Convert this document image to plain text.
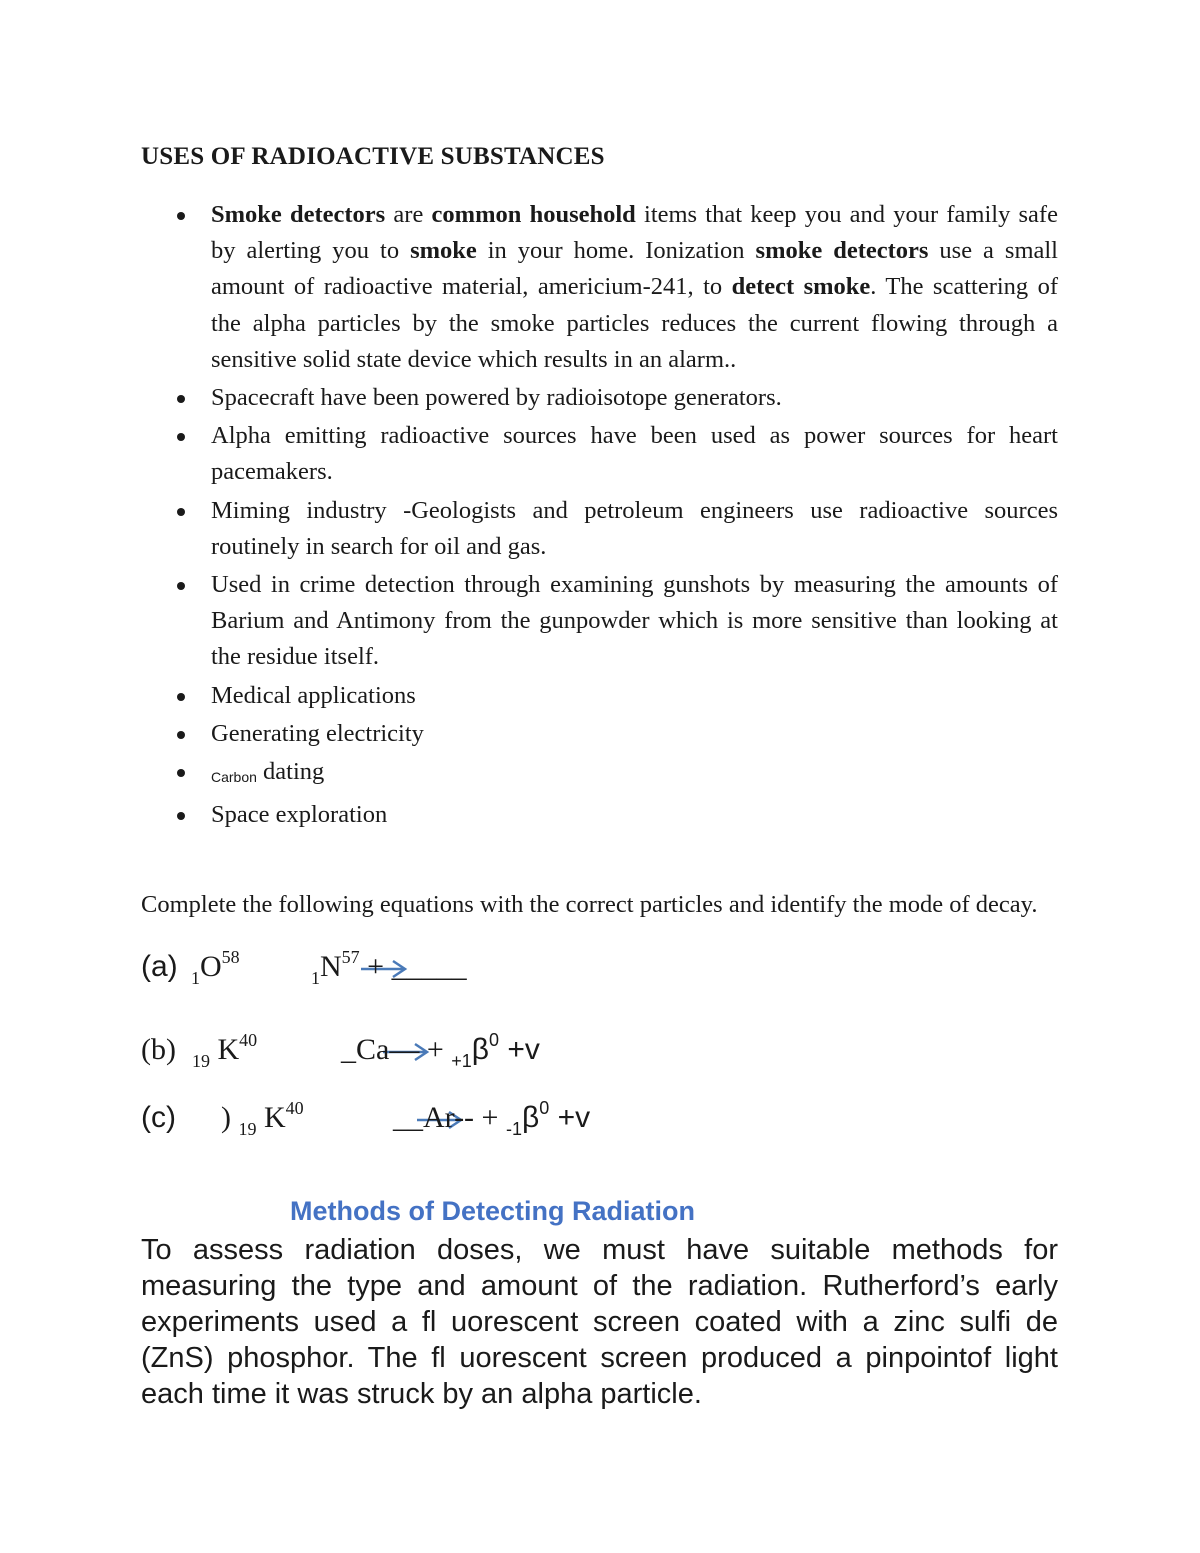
USES OF RADIOACTIVE SUBSTANCES
Smoke detectors are common household items that keep you and your family safe by alerting you to smoke in your home. Ionization smoke detectors use a small amount of radioactive material, americium-241, to detect smoke. The scattering of the alpha particles by the smoke particles reduces the current flowing through a sensitive solid state device which results in an alarm..
Spacecraft have been powered by radioisotope generators.
Alpha emitting radioactive sources have been used as power sources for heart pacemakers.
Miming industry -Geologists and petroleum engineers use radioactive sources routinely in search for oil and gas.
Used in crime detection through examining gunshots by measuring the amounts of Barium and Antimony from the gunpowder which is more sensitive than looking at the residue itself.
Medical applications
Generating electricity
Carbon dating
Space exploration
Complete the following equations with the correct particles and identify the mode of decay.
(a) $_1O^{58}$
$_1N^{57}$ + _____
(b) $_{19}$ $K^{40}$	_Ca— + $_{+1}\beta^0 +v$
(c) ) $_{19}$ $K^{40}$	__Ar-- + $_{-1}\beta^0 +v$
Methods of Detecting Radiation
To assess radiation doses, we must have suitable methods for measuring the type and amount of the radiation. Rutherford’s early experiments used a fl uorescent screen coated with a zinc sulfi de (ZnS) phosphor. The fl uorescent screen produced a pinpointof light each time it was struck by an alpha particle.
